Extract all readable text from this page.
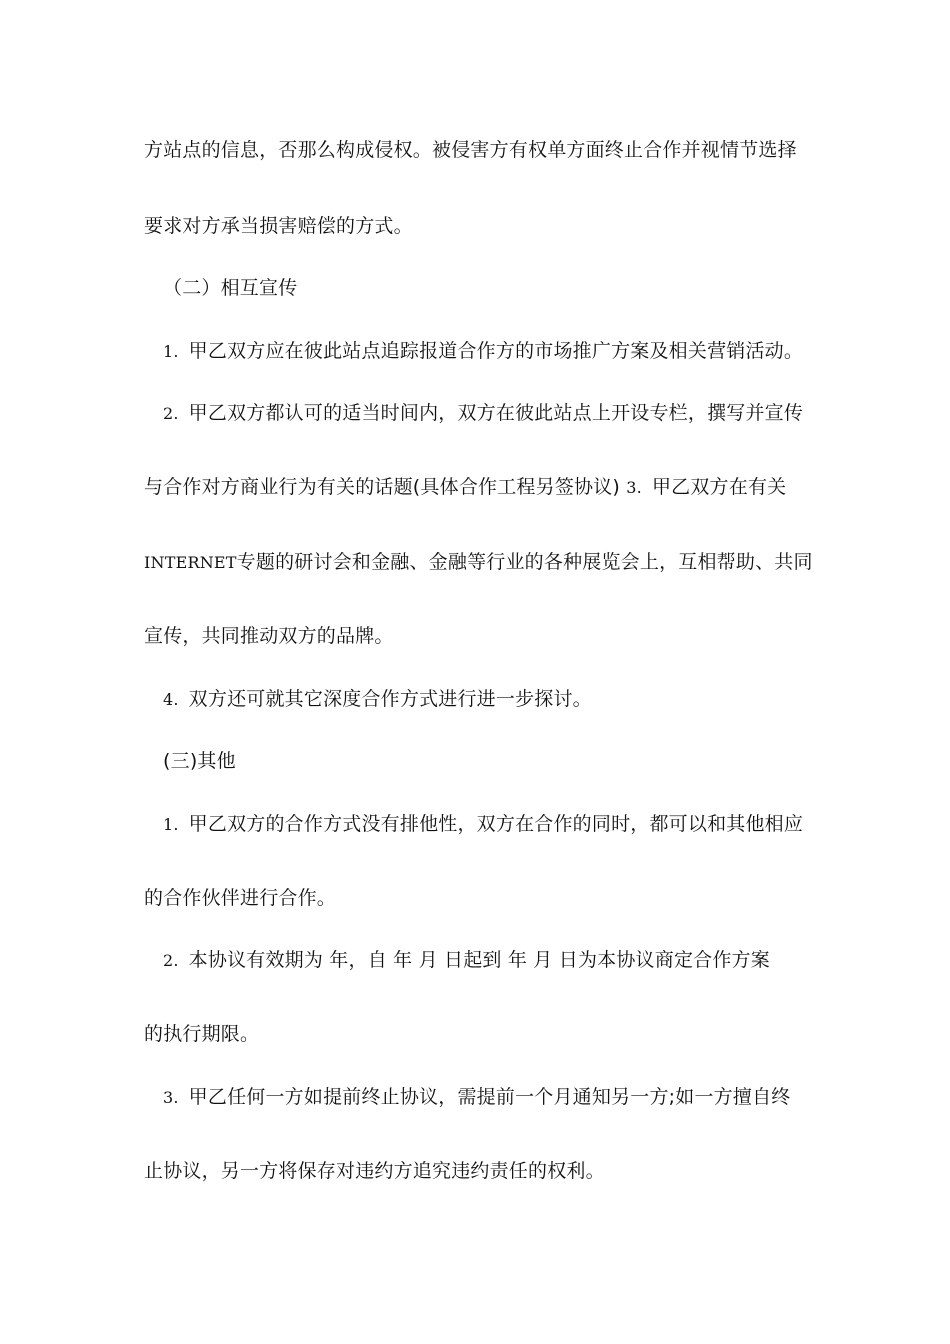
方站点的信息，否那么构成侵权。被侵害方有权单方面终止合作并视情节选择
要求对方承当损害赔偿的方式。
（二）相互宣传
1. 甲乙双方应在彼此站点追踪报道合作方的市场推广方案及相关营销活动。
2. 甲乙双方都认可的适当时间内，双方在彼此站点上开设专栏，撰写并宣传
与合作对方商业行为有关的话题(具体合作工程另签协议) 3. 甲乙双方在有关
INTERNET专题的研讨会和金融、金融等行业的各种展览会上，互相帮助、共同
宣传，共同推动双方的品牌。
4. 双方还可就其它深度合作方式进行进一步探讨。
(三)其他
1. 甲乙双方的合作方式没有排他性，双方在合作的同时，都可以和其他相应
的合作伙伴进行合作。
2. 本协议有效期为 年，自 年 月 日起到 年 月 日为本协议商定合作方案
的执行期限。
3. 甲乙任何一方如提前终止协议，需提前一个月通知另一方;如一方擅自终
止协议，另一方将保存对违约方追究违约责任的权利。
